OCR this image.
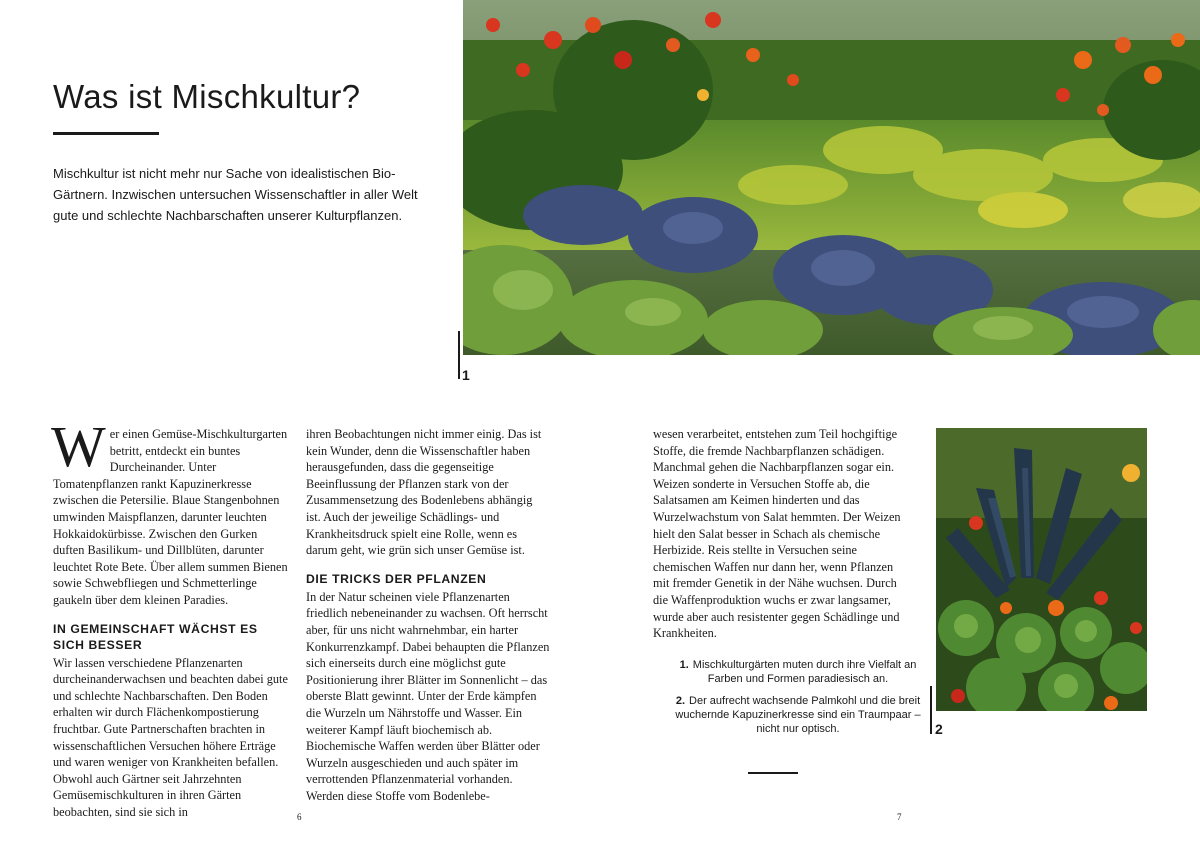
Was ist Mischkultur?

Mischkultur ist nicht mehr nur Sache von idealistischen Bio-Gärtnern. Inzwischen untersuchen Wissenschaftler in aller Welt gute und schlechte Nachbarschaften unserer Kulturpflanzen.

1
W er einen Gemüse-Mischkulturgarten betritt, entdeckt ein buntes Durcheinander. Unter Tomatenpflanzen rankt Kapuzinerkresse zwischen die Petersilie. Blaue Stangenbohnen umwinden Maispflanzen, darunter leuchten Hokkaidokürbisse. Zwischen den Gurken duften Basilikum- und Dillblüten, darunter leuchtet Rote Bete. Über allem summen Bienen sowie Schwebfliegen und Schmetterlinge gaukeln über dem kleinen Paradies.

IN GEMEINSCHAFT WÄCHST ES SICH BESSER

Wir lassen verschiedene Pflanzenarten durcheinanderwachsen und beachten dabei gute und schlechte Nachbarschaften. Den Boden erhalten wir durch Flächenkompostierung fruchtbar. Gute Partnerschaften brachten in wissenschaftlichen Versuchen höhere Erträge und waren weniger von Krankheiten befallen. Obwohl auch Gärtner seit Jahrzehnten Gemüsemischkulturen in ihren Gärten beobachten, sind sie sich in

ihren Beobachtungen nicht immer einig. Das ist kein Wunder, denn die Wissenschaftler haben herausgefunden, dass die gegenseitige Beeinflussung der Pflanzen stark von der Zusammensetzung des Bodenlebens abhängig ist. Auch der jeweilige Schädlings- und Krankheitsdruck spielt eine Rolle, wenn es darum geht, wie grün sich unser Gemüse ist.

DIE TRICKS DER PFLANZEN

In der Natur scheinen viele Pflanzenarten friedlich nebeneinander zu wachsen. Oft herrscht aber, für uns nicht wahrnehmbar, ein harter Konkurrenzkampf. Dabei behaupten die Pflanzen sich einerseits durch eine möglichst gute Positionierung ihrer Blätter im Sonnenlicht – das oberste Blatt gewinnt. Unter der Erde kämpfen die Wurzeln um Nährstoffe und Wasser. Ein weiterer Kampf läuft biochemisch ab. Biochemische Waffen werden über Blätter oder Wurzeln ausgeschieden und auch später im verrottenden Pflanzenmaterial vorhanden. Werden diese Stoffe vom Bodenlebe-

6

wesen verarbeitet, entstehen zum Teil hochgiftige Stoffe, die fremde Nachbarpflanzen schädigen. Manchmal gehen die Nachbarpflanzen sogar ein. Weizen sonderte in Versuchen Stoffe ab, die Salatsamen am Keimen hinderten und das Wurzelwachstum von Salat hemmten. Der Weizen hielt den Salat besser in Schach als chemische Herbizide. Reis stellte in Versuchen seine chemischen Waffen nur dann her, wenn Pflanzen mit fremder Genetik in der Nähe wuchsen. Durch die Waffenproduktion wuchs er zwar langsamer, wurde aber auch resistenter gegen Schädlinge und Krankheiten.

2

1. Mischkulturgärten muten durch ihre Vielfalt an Farben und Formen paradiesisch an.

2. Der aufrecht wachsende Palmkohl und die breit wuchernde Kapuzinerkresse sind ein Traumpaar – nicht nur optisch.

7
